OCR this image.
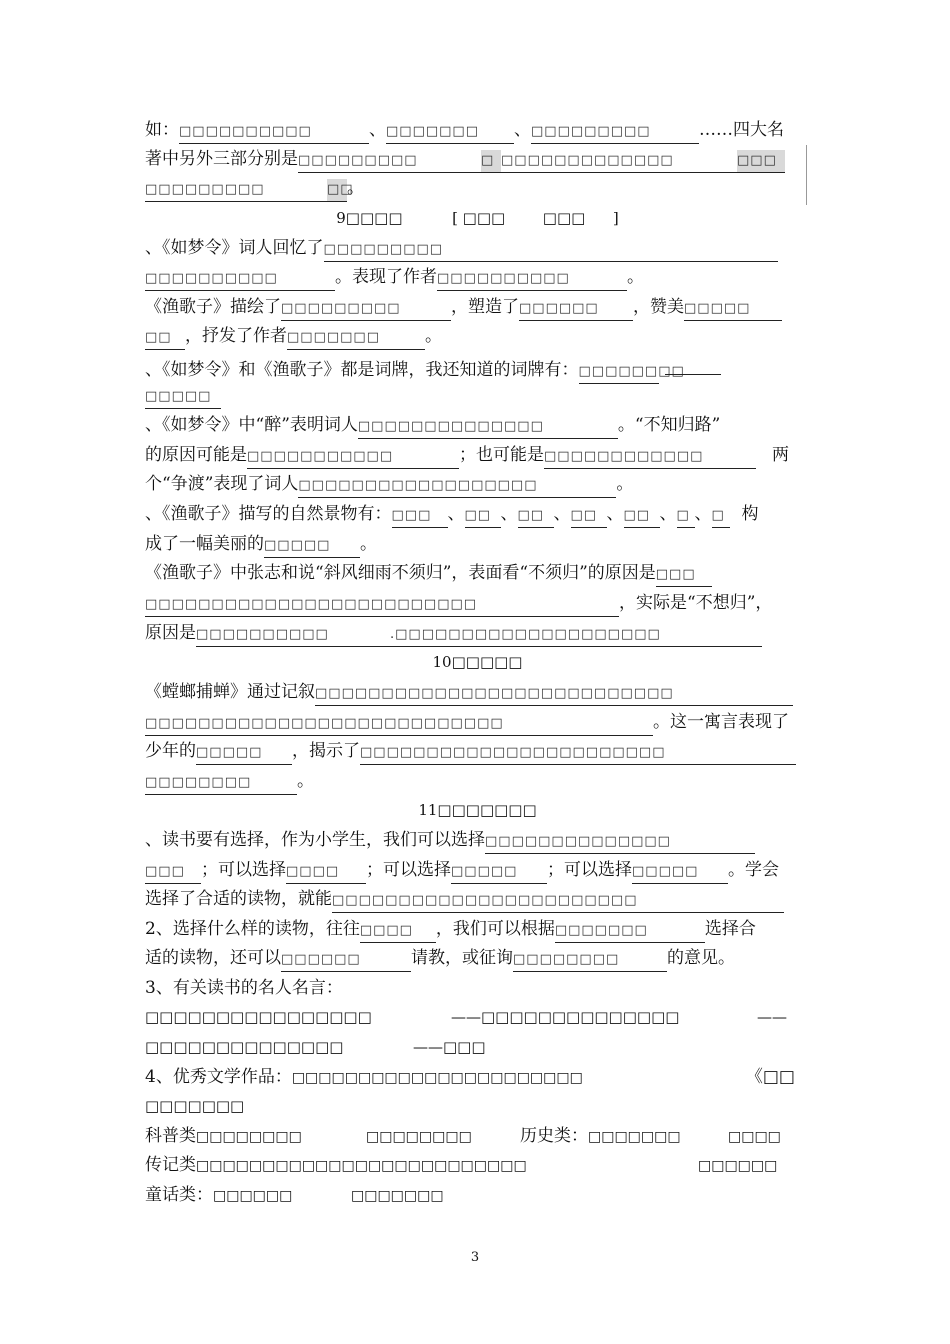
如：□□□□□□□□□□	、□□□□□□□ 、□□□□□□□□□	……四大名
著中另外三部分别是□□□□□□□□□	□ □□□□□□□□□□□□□	□□□
□□□□□□□□□	□□。
9□□□□	[ □□□	□□□ ]
、《如梦令》词人回忆了□□□□□□□□□
□□□□□□□□□□	。表现了作者□□□□□□□□□□	。
《渔歌子》描绘了□□□□□□□□□	，塑造了□□□□□□ ，赞美□□□□□
□□ ，抒发了作者□□□□□□□	。
、《如梦令》和《渔歌子》都是词牌，我还知道的词牌有：□□□□□□□□
□□□□□
、《如梦令》中“醉”表明词人□□□□□□□□□□□□□□	。“不知归路”
的原因可能是□□□□□□□□□□□	；也可能是□□□□□□□□□□□□	两
个“争渡”表现了词人□□□□□□□□□□□□□□□□□□	。
、《渔歌子》描写的自然景物有：□□□ 、□□ 、□□ 、□□ 、□□ 、□ 、□ 构
成了一幅美丽的□□□□□ 。
《渔歌子》中张志和说“斜风细雨不须归”，表面看“不须归”的原因是□□□
□□□□□□□□□□□□□□□□□□□□□□□□□	，实际是“不想归”，
原因是□□□□□□□□□□	.□□□□□□□□□□□□□□□□□□□□
10□□□□□
《螳螂捕蝉》通过记叙□□□□□□□□□□□□□□□□□□□□□□□□□□□
□□□□□□□□□□□□□□□□□□□□□□□□□□□	。这一寓言表现了
少年的□□□□□ ，揭示了□□□□□□□□□□□□□□□□□□□□□□□
□□□□□□□□	。
11□□□□□□□
、读书要有选择，作为小学生，我们可以选择□□□□□□□□□□□□□□
□□□ ；可以选择□□□□ ；可以选择□□□□□ ；可以选择□□□□□ 。学会
选择了合适的读物，就能□□□□□□□□□□□□□□□□□□□□□□□
2、选择什么样的读物，往往□□□□ ，我们可以根据□□□□□□□	选择合
适的读物，还可以□□□□□□	请教，或征询□□□□□□□□	的意见。
3、有关读书的名人名言：
□□□□□□□□□□□□□□□□	——□□□□□□□□□□□□□□	——
□□□□□□□□□□□□□□	——□□□
4、优秀文学作品：□□□□□□□□□□□□□□□□□□□□□□	《□□
□□□□□□□
科普类□□□□□□□□	□□□□□□□□	历史类：□□□□□□□	□□□□
传记类□□□□□□□□□□□□□□□□□□□□□□□□□	□□□□□□
童话类：□□□□□□	□□□□□□□
3
